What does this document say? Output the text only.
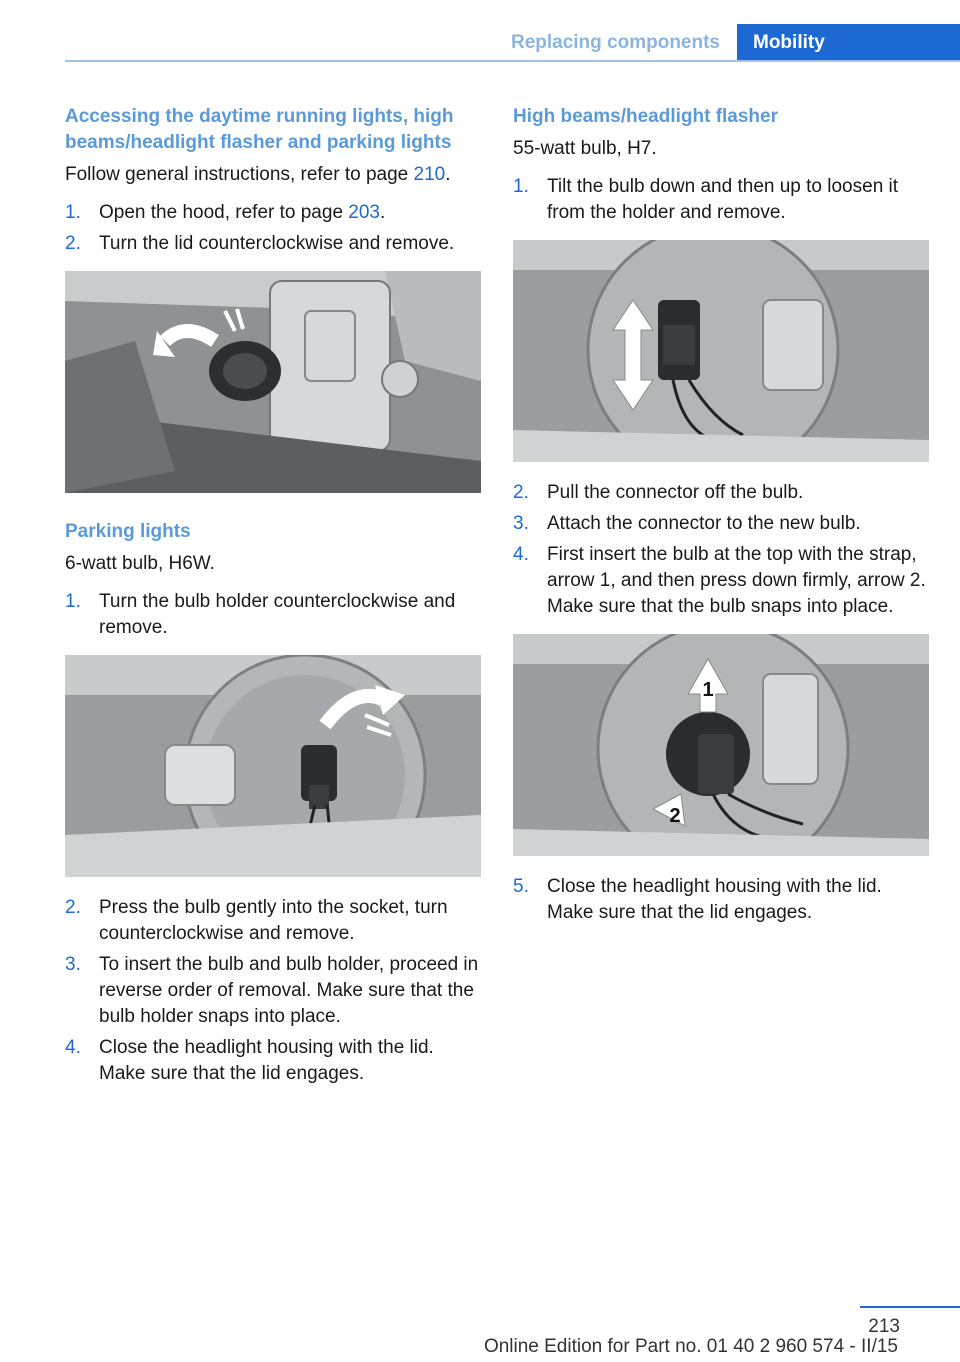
Replacing components	Mobility
Accessing the daytime running lights, high beams/headlight flasher and parking lights

Follow general instructions, refer to page 210.

1. Open the hood, refer to page 203.
2. Turn the lid counterclockwise and remove.
Parking lights

6-watt bulb, H6W.

1. Turn the bulb holder counterclockwise and remove.
2. Press the bulb gently into the socket, turn counterclockwise and remove.
3. To insert the bulb and bulb holder, proceed in reverse order of removal. Make sure that the bulb holder snaps into place.
4. Close the headlight housing with the lid. Make sure that the lid engages.
High beams/headlight flasher

55-watt bulb, H7.

1. Tilt the bulb down and then up to loosen it from the holder and remove.
2. Pull the connector off the bulb.
3. Attach the connector to the new bulb.
4. First insert the bulb at the top with the strap, arrow 1, and then press down firmly, arrow 2. Make sure that the bulb snaps into place.
1
2
5. Close the headlight housing with the lid. Make sure that the lid engages.
213
Online Edition for Part no. 01 40 2 960 574 - II/15
